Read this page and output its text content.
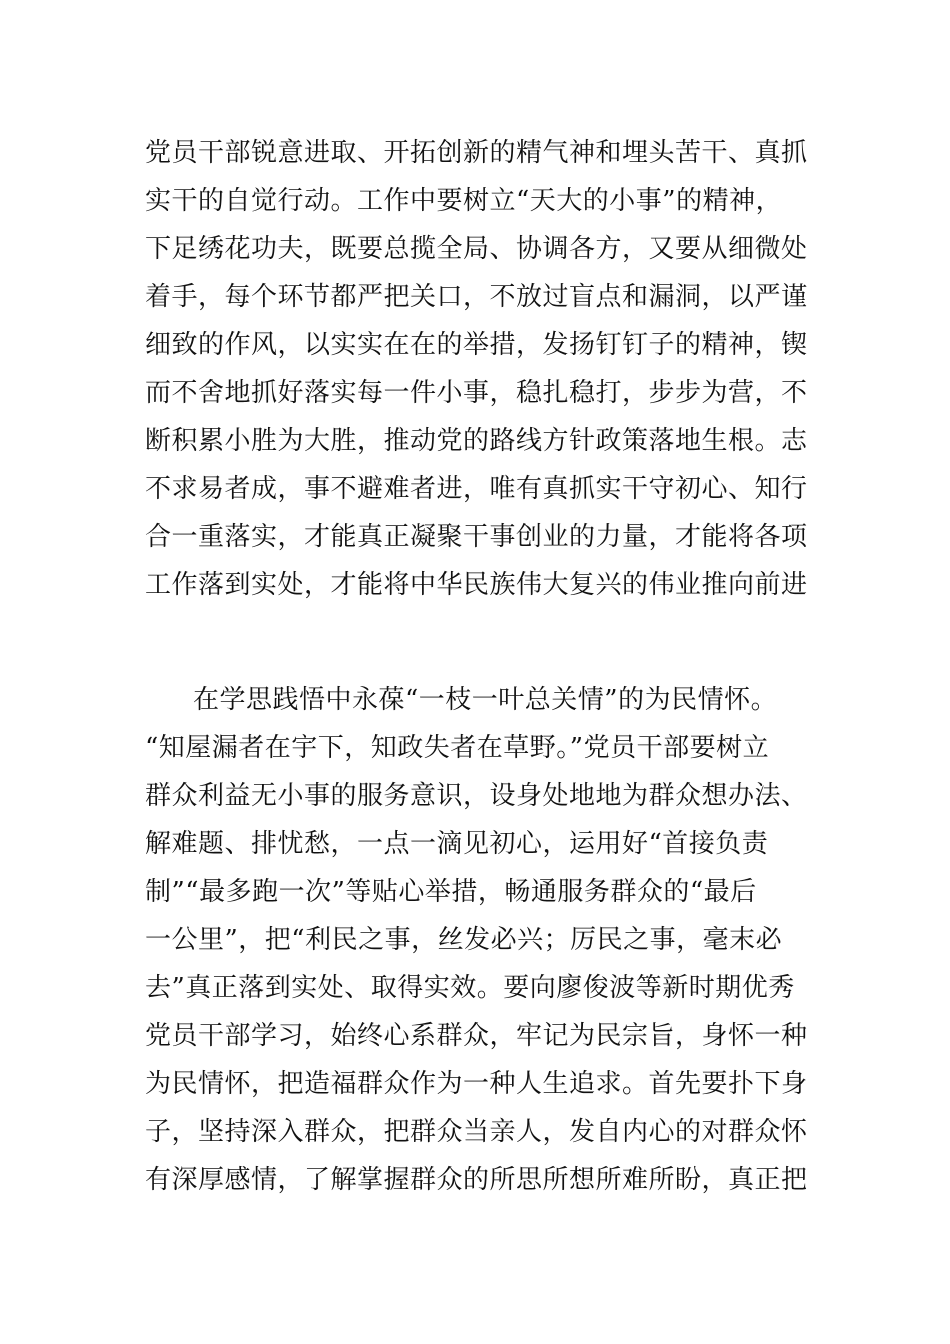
党员干部锐意进取、开拓创新的精气神和埋头苦干、真抓
实干的自觉行动。工作中要树立“天大的小事”的精神，
下足绣花功夫，既要总揽全局、协调各方，又要从细微处
着手，每个环节都严把关口，不放过盲点和漏洞，以严谨
细致的作风，以实实在在的举措，发扬钉钉子的精神，锲
而不舍地抓好落实每一件小事，稳扎稳打，步步为营，不
断积累小胜为大胜，推动党的路线方针政策落地生根。志
不求易者成，事不避难者进，唯有真抓实干守初心、知行
合一重落实，才能真正凝聚干事创业的力量，才能将各项
工作落到实处，才能将中华民族伟大复兴的伟业推向前进
在学思践悟中永葆“一枝一叶总关情”的为民情怀。
“知屋漏者在宇下，知政失者在草野。”党员干部要树立
群众利益无小事的服务意识，设身处地地为群众想办法、
解难题、排忧愁，一点一滴见初心，运用好“首接负责
制”“最多跑一次”等贴心举措，畅通服务群众的“最后
一公里”，把“利民之事，丝发必兴；厉民之事，毫末必
去”真正落到实处、取得实效。要向廖俊波等新时期优秀
党员干部学习，始终心系群众，牢记为民宗旨，身怀一种
为民情怀，把造福群众作为一种人生追求。首先要扑下身
子，坚持深入群众，把群众当亲人，发自内心的对群众怀
有深厚感情，了解掌握群众的所思所想所难所盼，真正把
